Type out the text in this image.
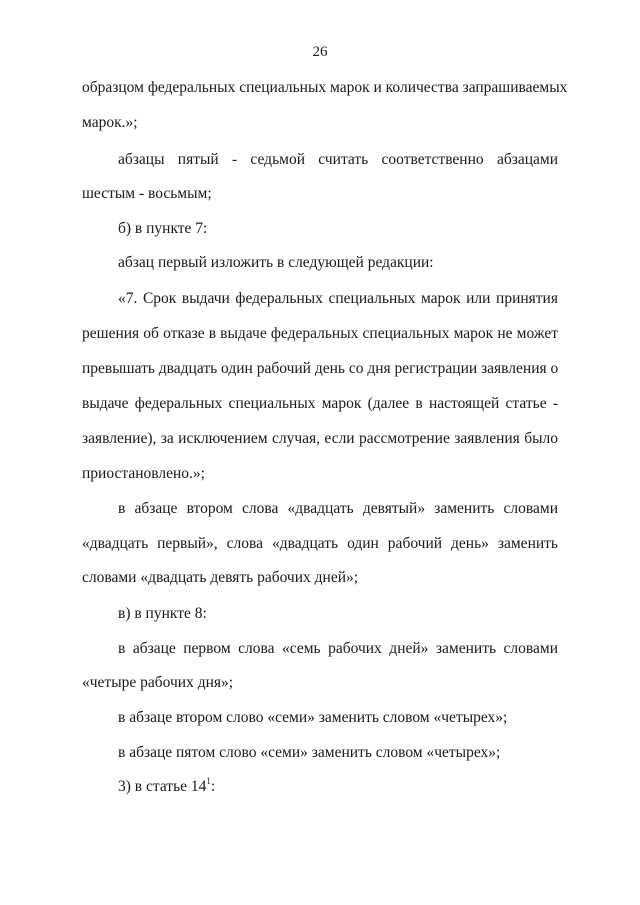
26
образцом федеральных специальных марок и количества запрашиваемых
марок.»;
абзацы пятый - седьмой считать соответственно абзацами
шестым - восьмым;
б) в пункте 7:
абзац первый изложить в следующей редакции:
«7. Срок выдачи федеральных специальных марок или принятия
решения об отказе в выдаче федеральных специальных марок не может
превышать двадцать один рабочий день со дня регистрации заявления о
выдаче федеральных специальных марок (далее в настоящей статье -
заявление), за исключением случая, если рассмотрение заявления было
приостановлено.»;
в абзаце втором слова «двадцать девятый» заменить словами
«двадцать первый», слова «двадцать один рабочий день» заменить
словами «двадцать девять рабочих дней»;
в) в пункте 8:
в абзаце первом слова «семь рабочих дней» заменить словами
«четыре рабочих дня»;
в абзаце втором слово «семи» заменить словом «четырех»;
в абзаце пятом слово «семи» заменить словом «четырех»;
3) в статье $14^1$:
